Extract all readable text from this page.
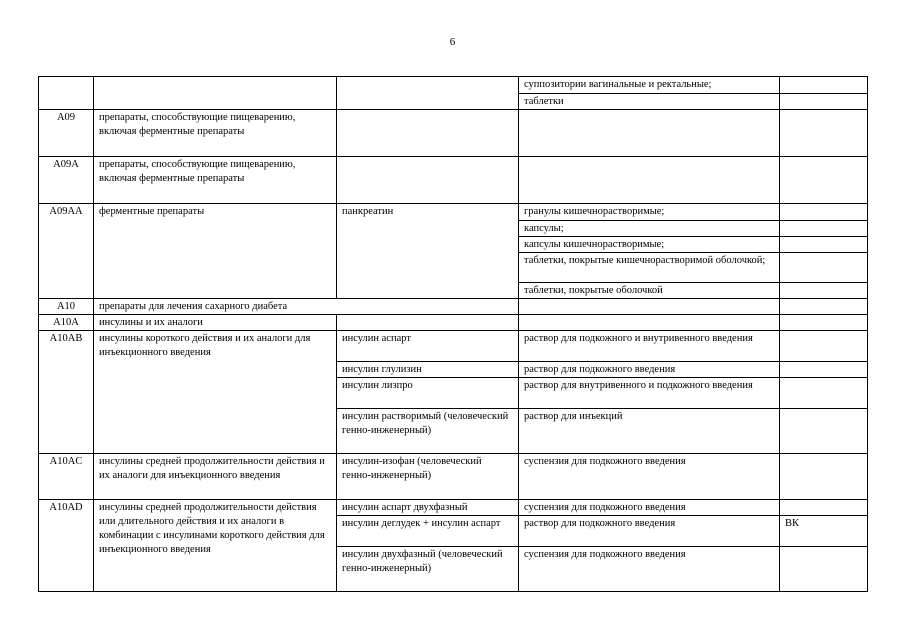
6
			суппозитории вагинальные и ректальные;	
			таблетки	
A09	препараты, способствующие пищеварению, включая ферментные препараты			
A09A	препараты, способствующие пищеварению, включая ферментные препараты			
A09AA	ферментные препараты	панкреатин	гранулы кишечнорастворимые;	
			капсулы;	
			капсулы кишечнорастворимые;	
			таблетки, покрытые кишечнорастворимой оболочкой;	
			таблетки, покрытые оболочкой	
A10	препараты для лечения сахарного диабета			
A10A	инсулины и их аналоги			
A10AB	инсулины короткого действия и их аналоги для инъекционного введения	инсулин аспарт	раствор для подкожного и внутривенного введения	
		инсулин глулизин	раствор для подкожного введения	
		инсулин лизпро	раствор для внутривенного и подкожного введения	
		инсулин растворимый (человеческий генно-инженерный)	раствор для инъекций	
A10AC	инсулины средней продолжительности действия и их аналоги для инъекционного введения	инсулин-изофан (человеческий генно-инженерный)	суспензия для подкожного введения	
A10AD	инсулины средней продолжительности действия или длительного действия и их аналоги в комбинации с инсулинами короткого действия для инъекционного введения	инсулин аспарт двухфазный	суспензия для подкожного введения	
		инсулин деглудек + инсулин аспарт	раствор для подкожного введения	ВК
		инсулин двухфазный (человеческий генно-инженерный)	суспензия для подкожного введения	
